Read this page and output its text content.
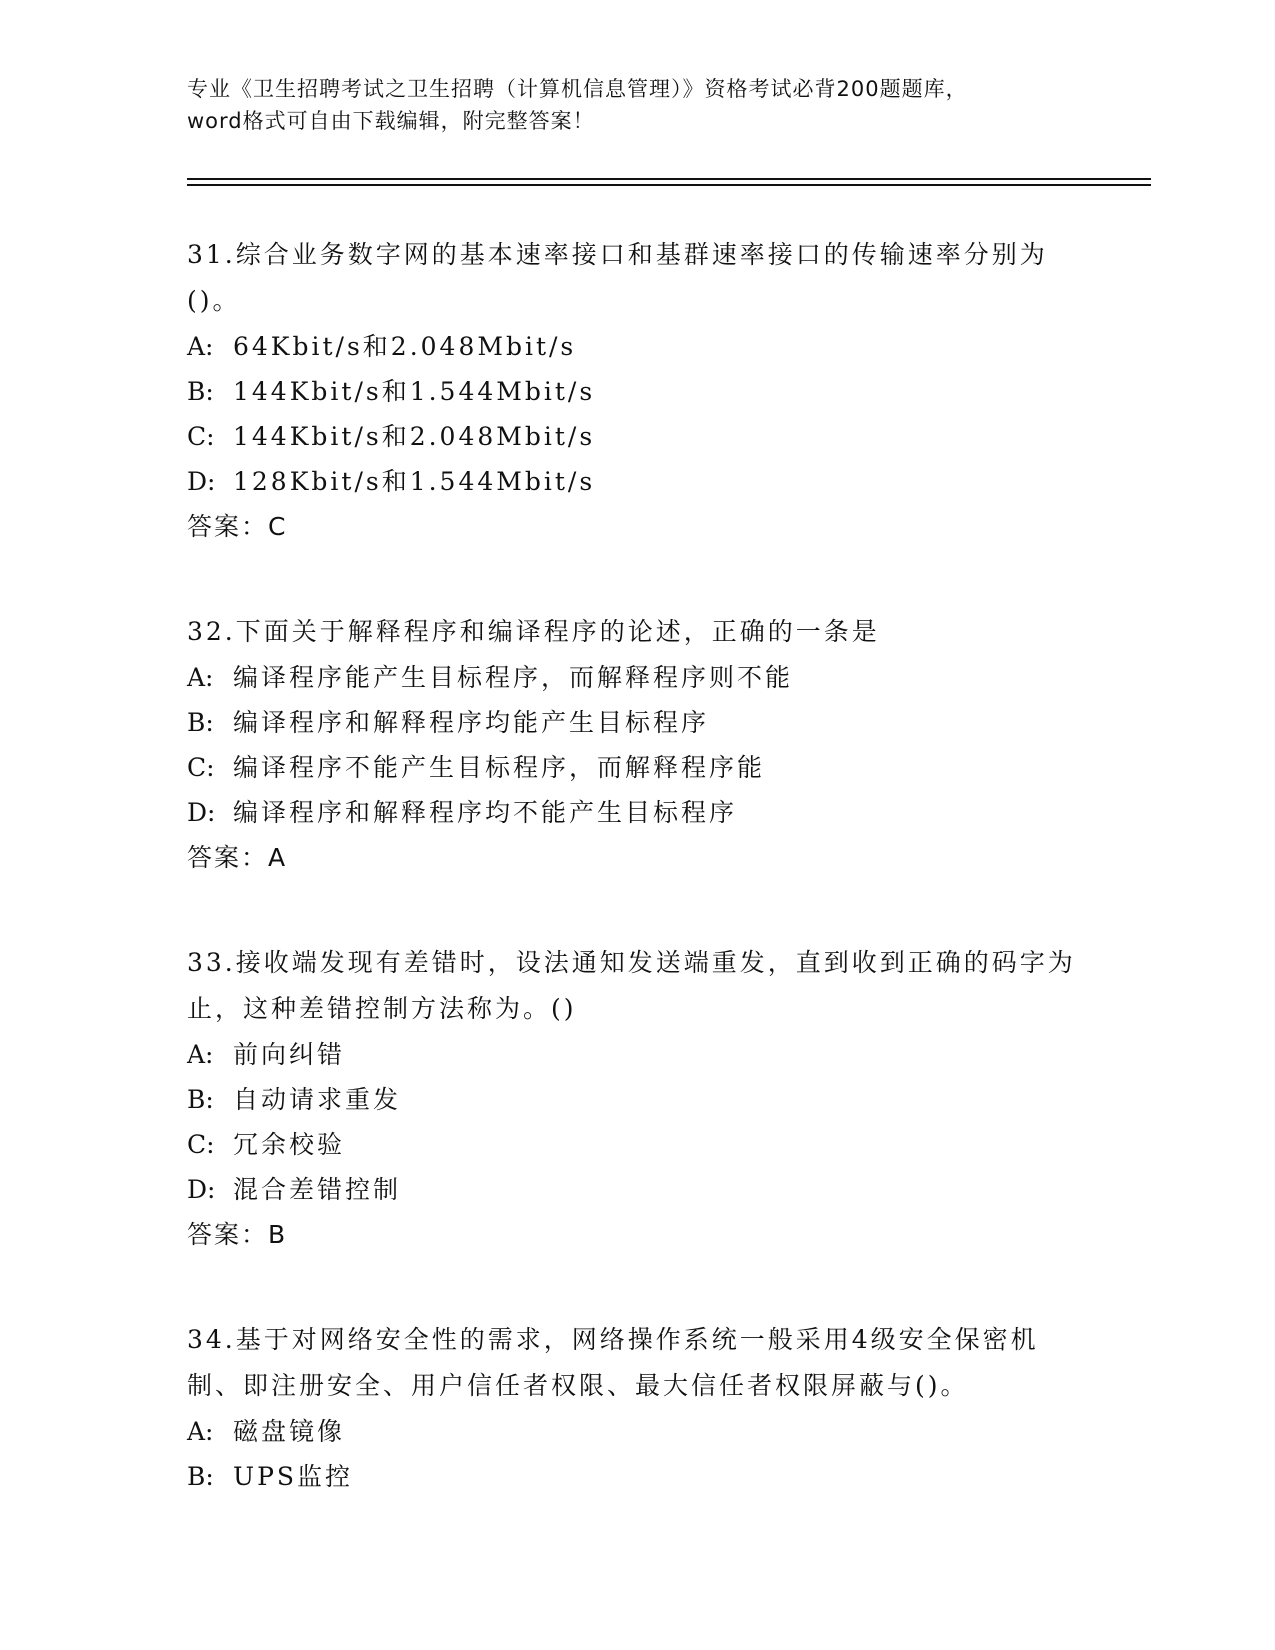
专业《卫生招聘考试之卫生招聘（计算机信息管理）》资格考试必背200题题库，
word格式可自由下载编辑，附完整答案！

31.综合业务数字网的基本速率接口和基群速率接口的传输速率分别为()。

A: 64Kbit/s和2.048Mbit/s
B: 144Kbit/s和1.544Mbit/s
C: 144Kbit/s和2.048Mbit/s
D: 128Kbit/s和1.544Mbit/s
答案：C

32.下面关于解释程序和编译程序的论述，正确的一条是

A: 编译程序能产生目标程序，而解释程序则不能
B: 编译程序和解释程序均能产生目标程序
C: 编译程序不能产生目标程序，而解释程序能
D: 编译程序和解释程序均不能产生目标程序
答案：A

33.接收端发现有差错时，设法通知发送端重发，直到收到正确的码字为止，这种差错控制方法称为。()

A: 前向纠错
B: 自动请求重发
C: 冗余校验
D: 混合差错控制
答案：B

34.基于对网络安全性的需求，网络操作系统一般采用4级安全保密机制、即注册安全、用户信任者权限、最大信任者权限屏蔽与()。

A: 磁盘镜像
B: UPS监控
